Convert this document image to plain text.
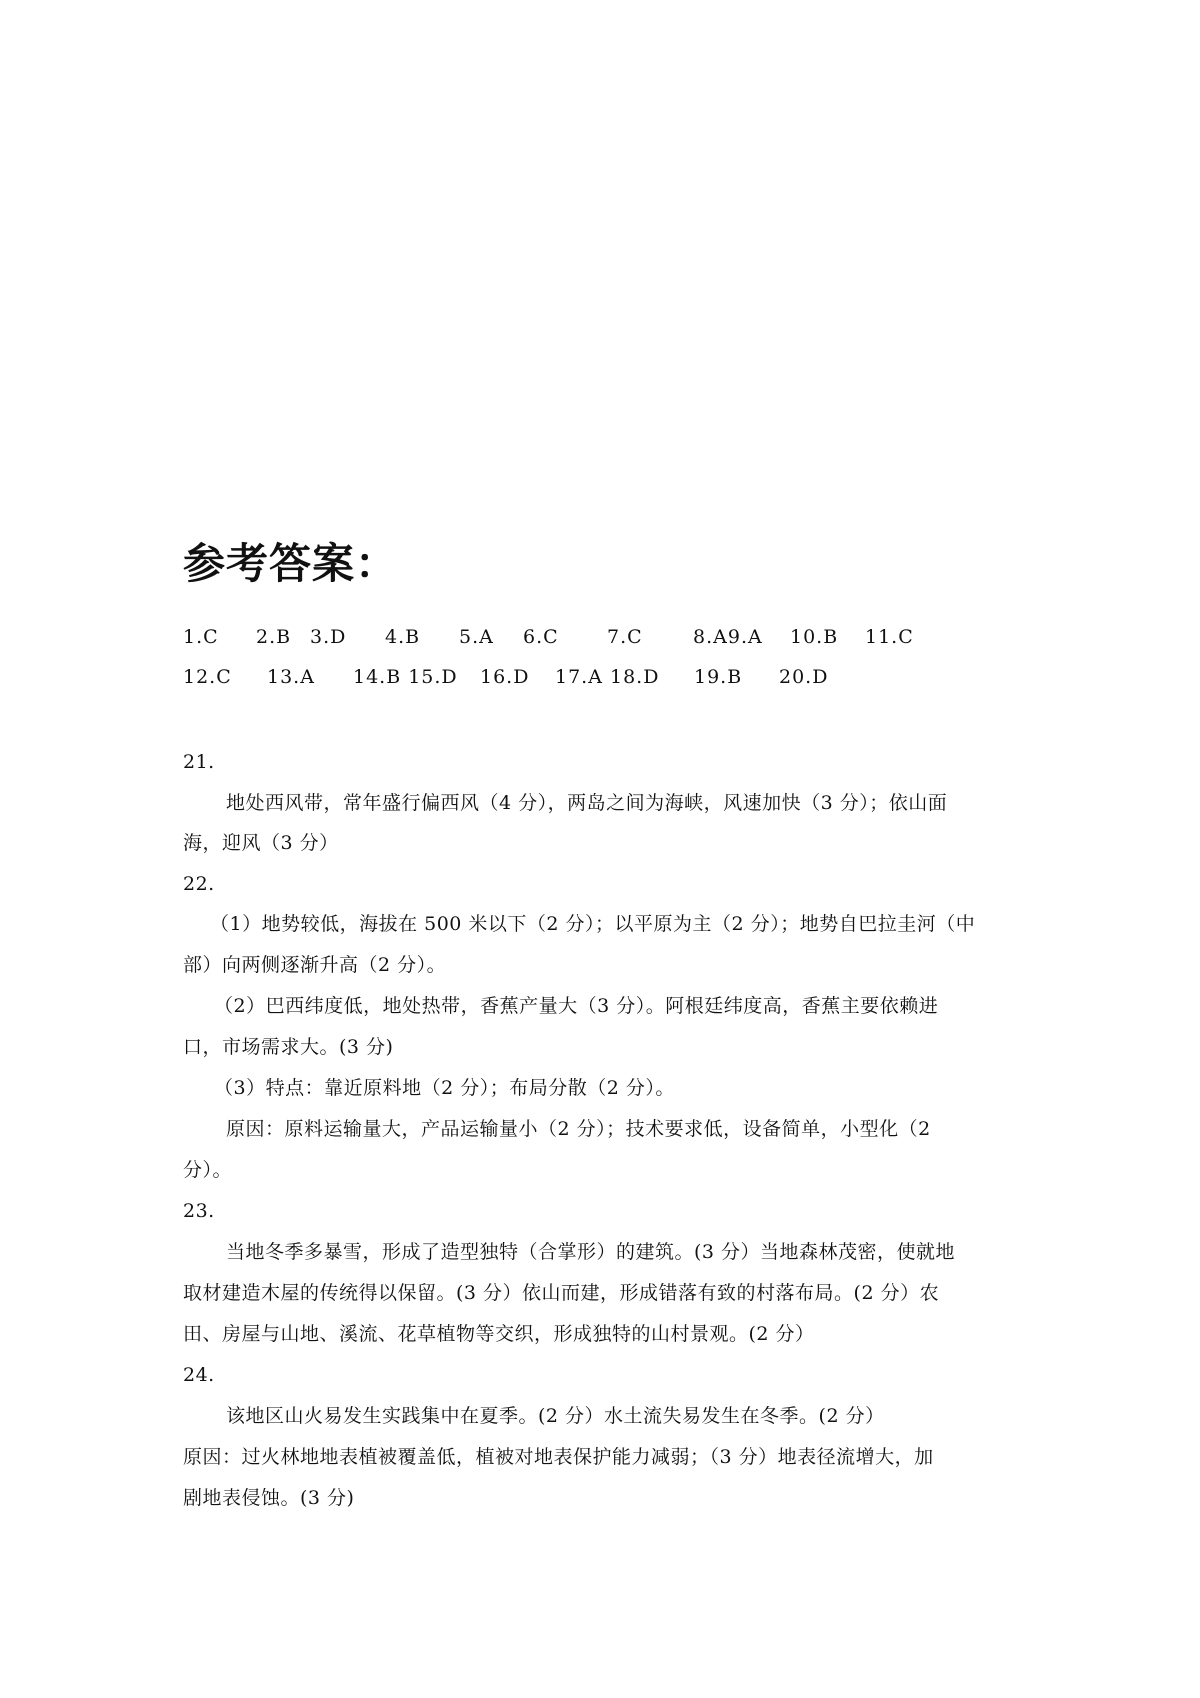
参考答案：
1.C 2.B 3.D 4.B 5.A 6.C	7.C	8.A9.A 10.B 11.C
12.C 13.A 14.B 15.D 16.D 17.A 18.D 19.B 20.D
21.
地处西风带，常年盛行偏西风（4 分），两岛之间为海峡，风速加快（3 分）；依山面
海，迎风（3 分）
22.
（1）地势较低，海拔在 500 米以下（2 分）；以平原为主（2 分）；地势自巴拉圭河（中
部）向两侧逐渐升高（2 分）。
（2）巴西纬度低，地处热带，香蕉产量大（3 分）。阿根廷纬度高，香蕉主要依赖进
口，市场需求大。(3 分)
（3）特点：靠近原料地（2 分）；布局分散（2 分）。
原因：原料运输量大，产品运输量小（2 分）；技术要求低，设备简单，小型化（2
分）。
23.
当地冬季多暴雪，形成了造型独特（合掌形）的建筑。(3 分）当地森林茂密，使就地
取材建造木屋的传统得以保留。(3 分）依山而建，形成错落有致的村落布局。(2 分）农
田、房屋与山地、溪流、花草植物等交织，形成独特的山村景观。(2 分）
24.
该地区山火易发生实践集中在夏季。(2 分）水土流失易发生在冬季。(2 分）
原因：过火林地地表植被覆盖低，植被对地表保护能力减弱；（3 分）地表径流增大，加
剧地表侵蚀。(3 分)
